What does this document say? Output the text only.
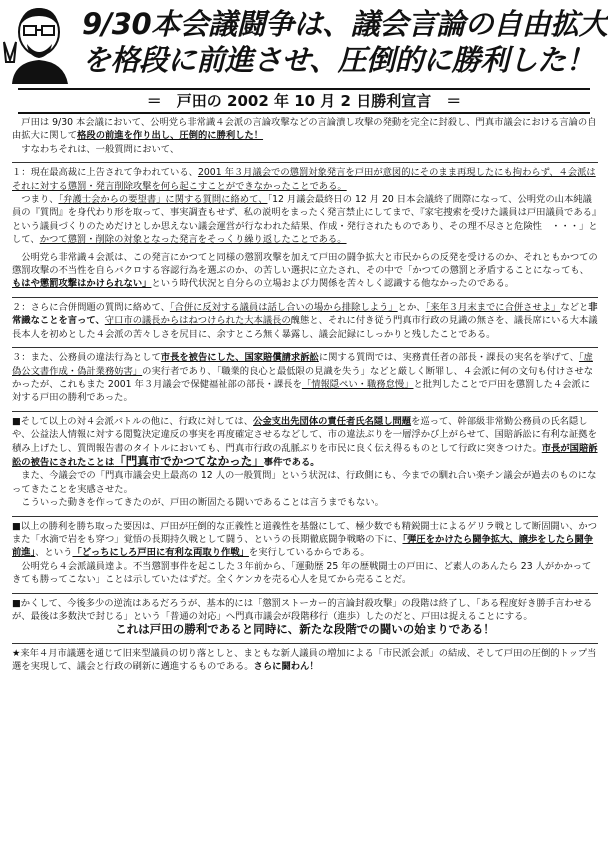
9/30本会議闘争は、議会言論の自由拡大
を格段に前進させ、圧倒的に勝利した！
＝　戸田の 2002 年 10 月 2 日勝利宣言　＝

戸田は 9/30 本会議において、公明党ら非常識４会派の言論攻撃などの言論潰し攻撃の発動を完全に封殺し、門真市議会における言論の自由拡大に関して格段の前進を作り出し、圧倒的に勝利した！

すなわちそれは、一般質問において、

１：現在最高裁に上告されて争われている、2001 年３月議会での懲罰対象発言を戸田が意図的にそのまま再現したにも拘わらず、４会派はそれに対する懲罰・発言削除攻撃を何ら起こすことができなかったことである。

つまり、「弁護士会からの要望書」に関する質問に絡めて、「12 月議会最終日の 12 月 20 日本会議終了間際になって、公明党の山本純議員の『質問』を身代わり形を取って、事実調査もせず、私の説明をまったく発言禁止にしてまで、『家宅捜索を受けた議員は戸田議員である』という議員づくりのためだけとしか思えない議会運営が行なわれた結果、作成・発行されたものであり、その理不尽さと危険性　・・・」として、かつて懲罰・削除の対象となった発言をそっくり繰り返したことである。

公明党ら非常識４会派は、この発言にかつてと同様の懲罰攻撃を加えて戸田の闘争拡大と市民からの反発を受けるのか、それともかつての懲罰攻撃の不当性を自らバクロする容認行為を選ぶのか、の苦しい選択に立たされ、その中で「かつての懲罰と矛盾することになっても、もはや懲罰攻撃はかけられない」という時代状況と自分らの立場および力関係を苦々しく認識する他なかったのである。

２：さらに合併問題の質問に絡めて、「合併に反対する議員は話し合いの場から排除しよう」とか、「来年３月末までに合併させよ」などと非常識なことを言って、守口市の議長からはねつけられた大本議長の醜態と、それに付き従う門真市行政の見識の無さを、議長席にいる大本議長本人を初めとした４会派の苦々しさを尻目に、余すところ無く暴露し、議会記録にしっかりと残したことである。

３：また、公務員の違法行為として市長を被告にした、国家賠償請求訴訟に関する質問では、実務責任者の部長・課長の実名を挙げて、「虚偽公文書作成・偽計業務妨害」の実行者であり、「職業的良心と最低限の見識を失う」などと厳しく断罪し、４会派に何の文句も付けさせなかったが、これもまた 2001 年３月議会で保健福祉部の部長・課長を「情報隠ぺい・職務怠慢」と批判したことで戸田を懲罰した４会派に対する戸田の勝利であった。

■そして以上の対４会派バトルの他に、行政に対しては、公金支出先団体の責任者氏名隠し問題を巡って、幹部級非常勤公務員の氏名隠しや、公益法人情報に対する閲覧決定違反の事実を再度確定させるなどして、市の違法ぶりを一層浮かび上がらせて、国賠訴訟に有利な証拠を積み上げたし、質問報告書のタイトルにおいても、門真市行政の乱脈ぶりを市民に良く伝え得るものとして行政に突きつけた。市長が国賠訴訟の被告にされたことは「門真市でかつてなかった」事件である。

また、今議会での「門真市議会史上最高の 12 人の一般質問」という状況は、行政側にも、今までの馴れ合い楽チン議会が過去のものになってきたことを実感させた。

こういった動きを作ってきたのが、戸田の断固たる闘いであることは言うまでもない。

■以上の勝利を勝ち取った要因は、戸田が圧倒的な正義性と道義性を基盤にして、極少数でも精鋭闘士によるゲリラ戦として断固闘い、かつまた「水滴で岩をも穿つ」覚悟の長期持久戦として闘う、というの長期徹底闘争戦略の下に、「弾圧をかけたら闘争拡大、譲歩をしたら闘争前進」、という「どっちにしろ戸田に有利な両取り作戦」を実行しているからである。

公明党ら４会派議員達よ。不当懲罰事件を起こした３年前から、「運動歴 25 年の歴戦闘士の戸田に、ど素人のあんたら 23 人がかかってきても勝ってこない」ことは示していたはずだ。全くケンカを売る心人を見てから売ることだ。

■かくして、今後多少の逆流はあるだろうが、基本的には「懲罰ストーカー的言論封殺攻撃」の段階は終了し、「ある程度好き勝手言わせるが、最後は多数決で封じる」という「普通の対応」へ門真市議会が段階移行（進歩）したのだと、戸田は捉えることにする。

これは戸田の勝利であると同時に、新たな段階での闘いの始まりである！

★来年４月市議選を通じて旧来型議員の切り落としと、まともな新人議員の増加による「市民派会派」の結成、そして戸田の圧倒的トップ当選を実現して、議会と行政の刷新に邁進するものである。さらに闘わん！
